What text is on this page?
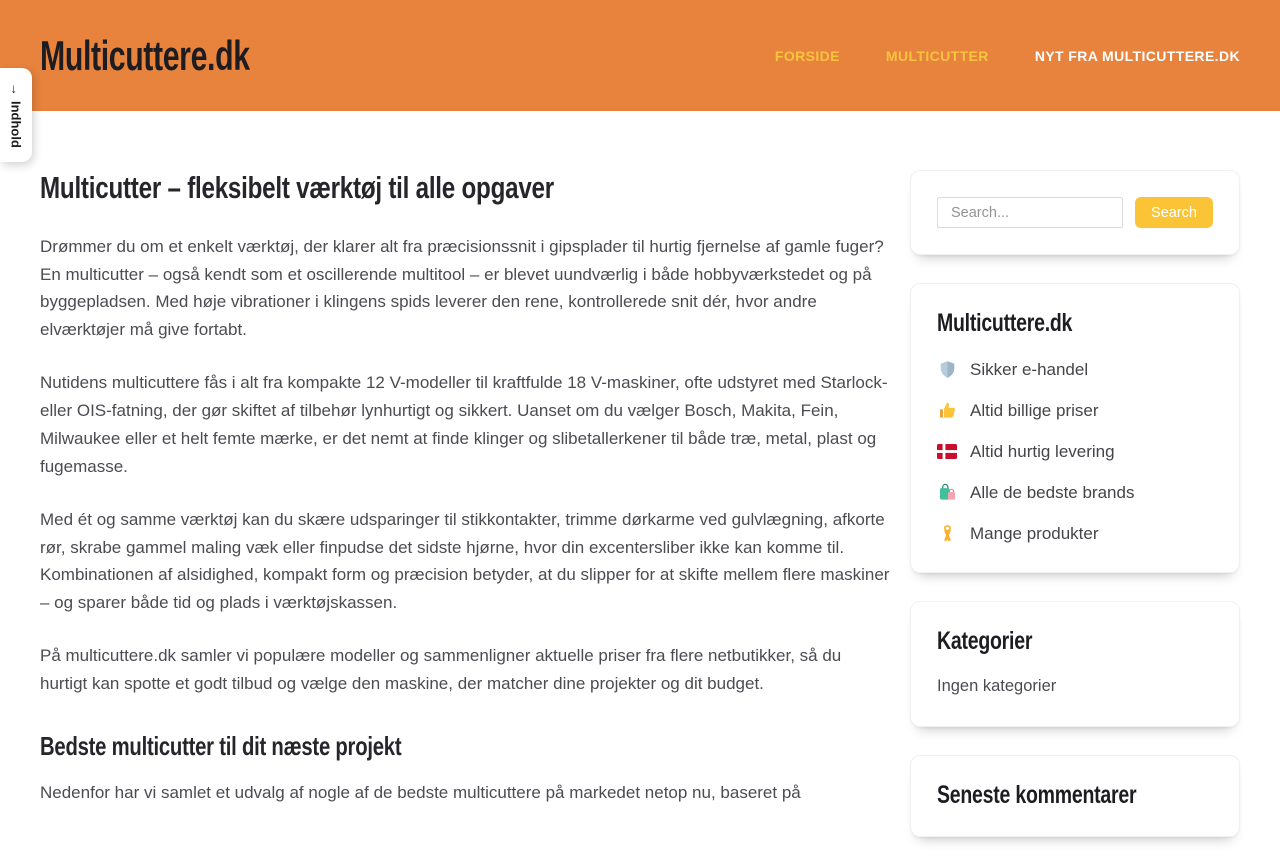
Multicuttere.dk	FORSIDE	MULTICUTTER	NYT FRA MULTICUTTERE.DK
→
Indhold
Multicutter – fleksibelt værktøj til alle opgaver

Drømmer du om et enkelt værktøj, der klarer alt fra præcisionssnit i gipsplader til hurtig fjernelse af gamle fuger? En multicutter – også kendt som et oscillerende multitool – er blevet uundværlig i både hobbyværkstedet og på byggepladsen. Med høje vibrationer i klingens spids leverer den rene, kontrollerede snit dér, hvor andre elværktøjer må give fortabt.

Nutidens multicuttere fås i alt fra kompakte 12 V-modeller til kraftfulde 18 V-maskiner, ofte udstyret med Starlock- eller OIS-fatning, der gør skiftet af tilbehør lynhurtigt og sikkert. Uanset om du vælger Bosch, Makita, Fein, Milwaukee eller et helt femte mærke, er det nemt at finde klinger og slibetallerkener til både træ, metal, plast og fugemasse.

Med ét og samme værktøj kan du skære udsparinger til stikkontakter, trimme dørkarme ved gulvlægning, afkorte rør, skrabe gammel maling væk eller finpudse det sidste hjørne, hvor din excentersliber ikke kan komme til. Kombinationen af alsidighed, kompakt form og præcision betyder, at du slipper for at skifte mellem flere maskiner – og sparer både tid og plads i værktøjskassen.

På multicuttere.dk samler vi populære modeller og sammenligner aktuelle priser fra flere netbutikker, så du hurtigt kan spotte et godt tilbud og vælge den maskine, der matcher dine projekter og dit budget.

Bedste multicutter til dit næste projekt

Nedenfor har vi samlet et udvalg af nogle af de bedste multicuttere på markedet netop nu, baseret på

Search...
Search
Multicuttere.dk
Sikker e-handel
Altid billige priser
Altid hurtig levering
Alle de bedste brands
Mange produkter
Kategorier

Ingen kategorier

Seneste kommentarer
